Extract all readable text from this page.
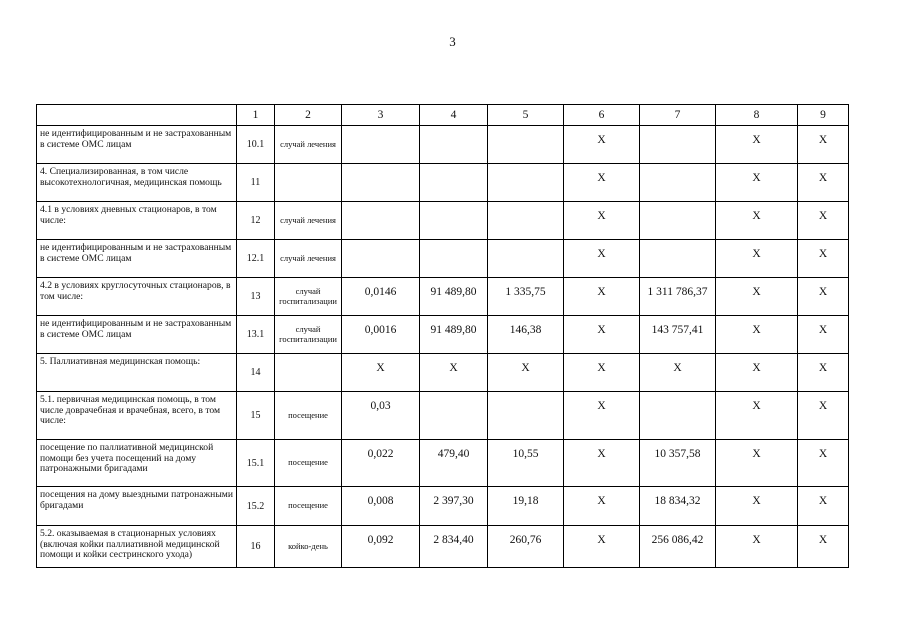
3
	1	2	3	4	5	6	7	8	9
не идентифицированным и не застрахованным в системе ОМС лицам	10.1	случай лечения				X		X	X
4. Специализированная, в том числе высокотехнологичная, медицинская помощь	11					X		X	X
4.1 в условиях дневных стационаров, в том числе:	12	случай лечения				X		X	X
не идентифицированным и не застрахованным в системе ОМС лицам	12.1	случай лечения				X		X	X
4.2 в условиях круглосуточных стационаров, в том числе:	13	случай госпитализации	0,0146	91 489,80	1 335,75	X	1 311 786,37	X	X
не идентифицированным и не застрахованным в системе ОМС лицам	13.1	случай госпитализации	0,0016	91 489,80	146,38	X	143 757,41	X	X
5. Паллиативная медицинская помощь:	14		X	X	X	X	X	X	X
5.1. первичная медицинская помощь, в том числе доврачебная и врачебная, всего, в том числе:	15	посещение	0,03			X		X	X
посещение по паллиативной медицинской помощи без учета посещений на дому патронажными бригадами	15.1	посещение	0,022	479,40	10,55	X	10 357,58	X	X
посещения на дому выездными патронажными бригадами	15.2	посещение	0,008	2 397,30	19,18	X	18 834,32	X	X
5.2. оказываемая в стационарных условиях (включая койки паллиативной медицинской помощи и койки сестринского ухода)	16	койко-день	0,092	2 834,40	260,76	X	256 086,42	X	X
